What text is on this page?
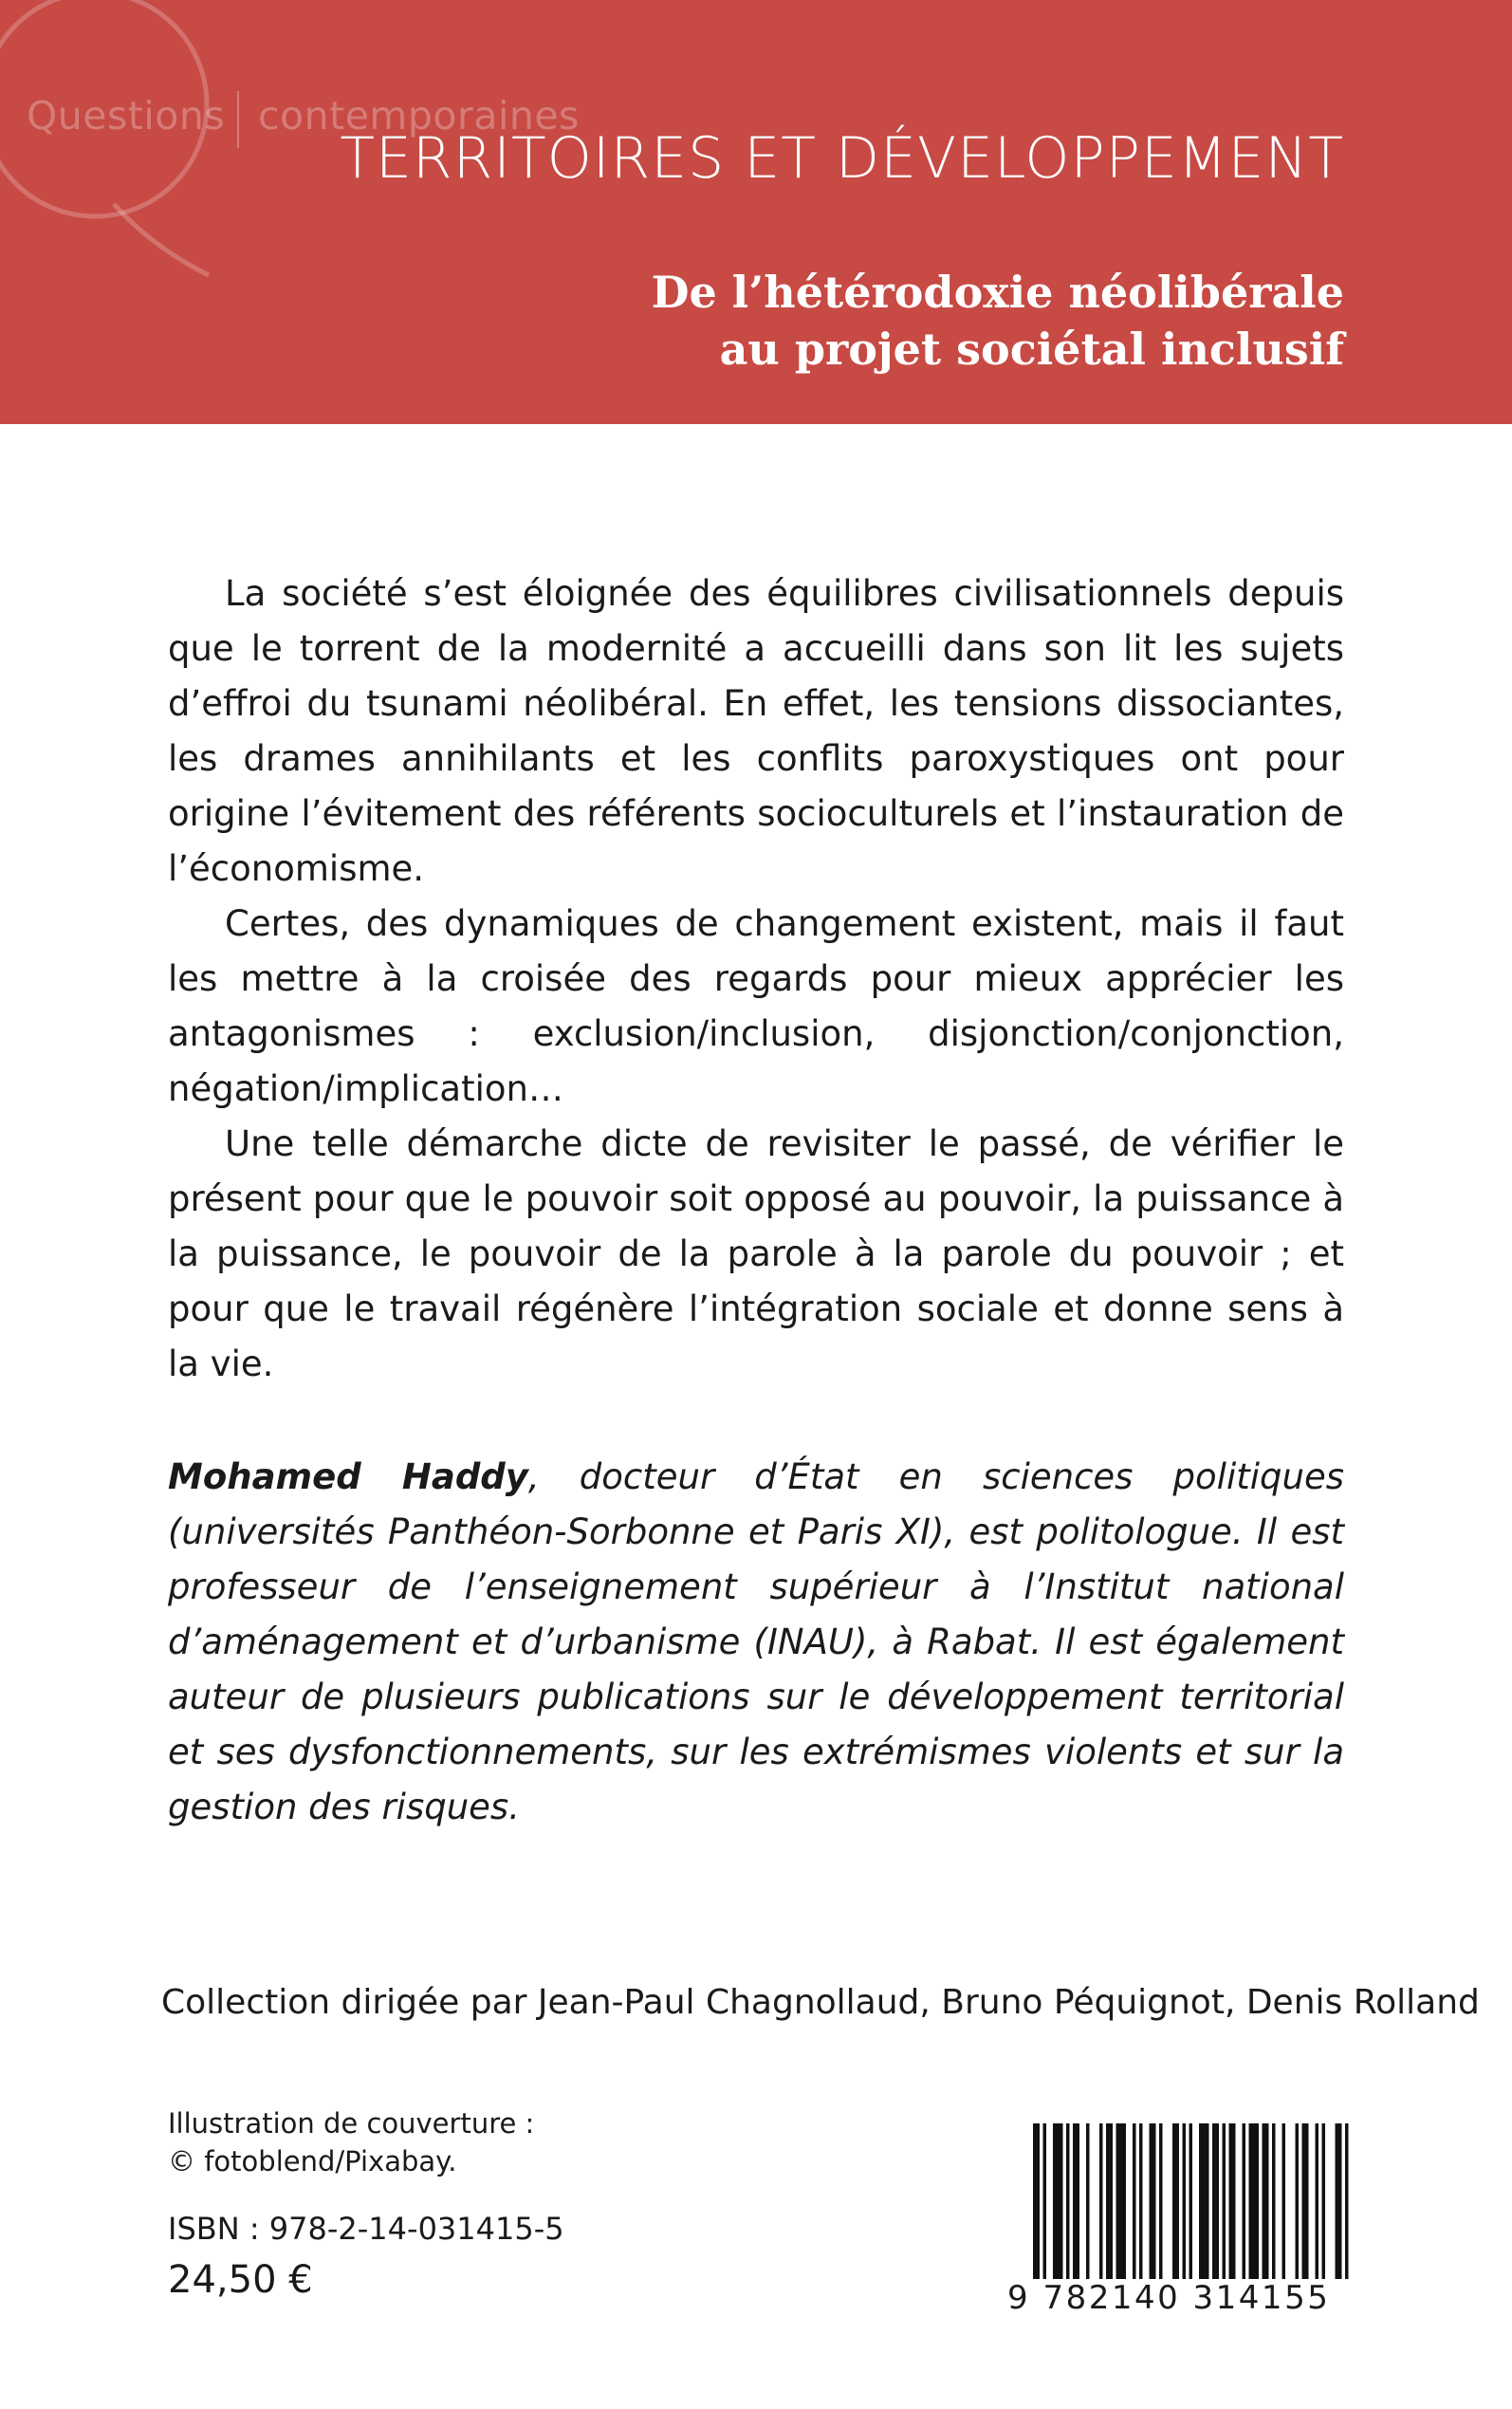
Questions contemporaines
TERRITOIRES ET DÉVELOPPEMENT
De l’hétérodoxie néolibérale
au projet sociétal inclusif

La société s’est éloignée des équilibres civilisationnels depuis que le torrent de la modernité a accueilli dans son lit les sujets d’effroi du tsunami néolibéral. En effet, les tensions dissociantes, les drames annihilants et les conflits paroxystiques ont pour origine l’évitement des référents socioculturels et l’instauration de l’économisme.

Certes, des dynamiques de changement existent, mais il faut les mettre à la croisée des regards pour mieux apprécier les antagonismes : exclusion/inclusion, disjonction/conjonction, négation/implication…

Une telle démarche dicte de revisiter le passé, de vérifier le présent pour que le pouvoir soit opposé au pouvoir, la puissance à la puissance, le pouvoir de la parole à la parole du pouvoir ; et pour que le travail régénère l’intégration sociale et donne sens à la vie.

Mohamed Haddy, docteur d’État en sciences politiques (universités Panthéon-Sorbonne et Paris XI), est politologue. Il est professeur de l’enseignement supérieur à l’Institut national d’aménagement et d’urbanisme (INAU), à Rabat. Il est également auteur de plusieurs publications sur le développement territorial et ses dysfonctionnements, sur les extrémismes violents et sur la gestion des risques.
Collection dirigée par Jean-Paul Chagnollaud, Bruno Péquignot, Denis Rolland
Illustration de couverture :
© fotoblend/Pixabay.
ISBN : 978-2-14-031415-5
24,50 €	9 782140 314155
